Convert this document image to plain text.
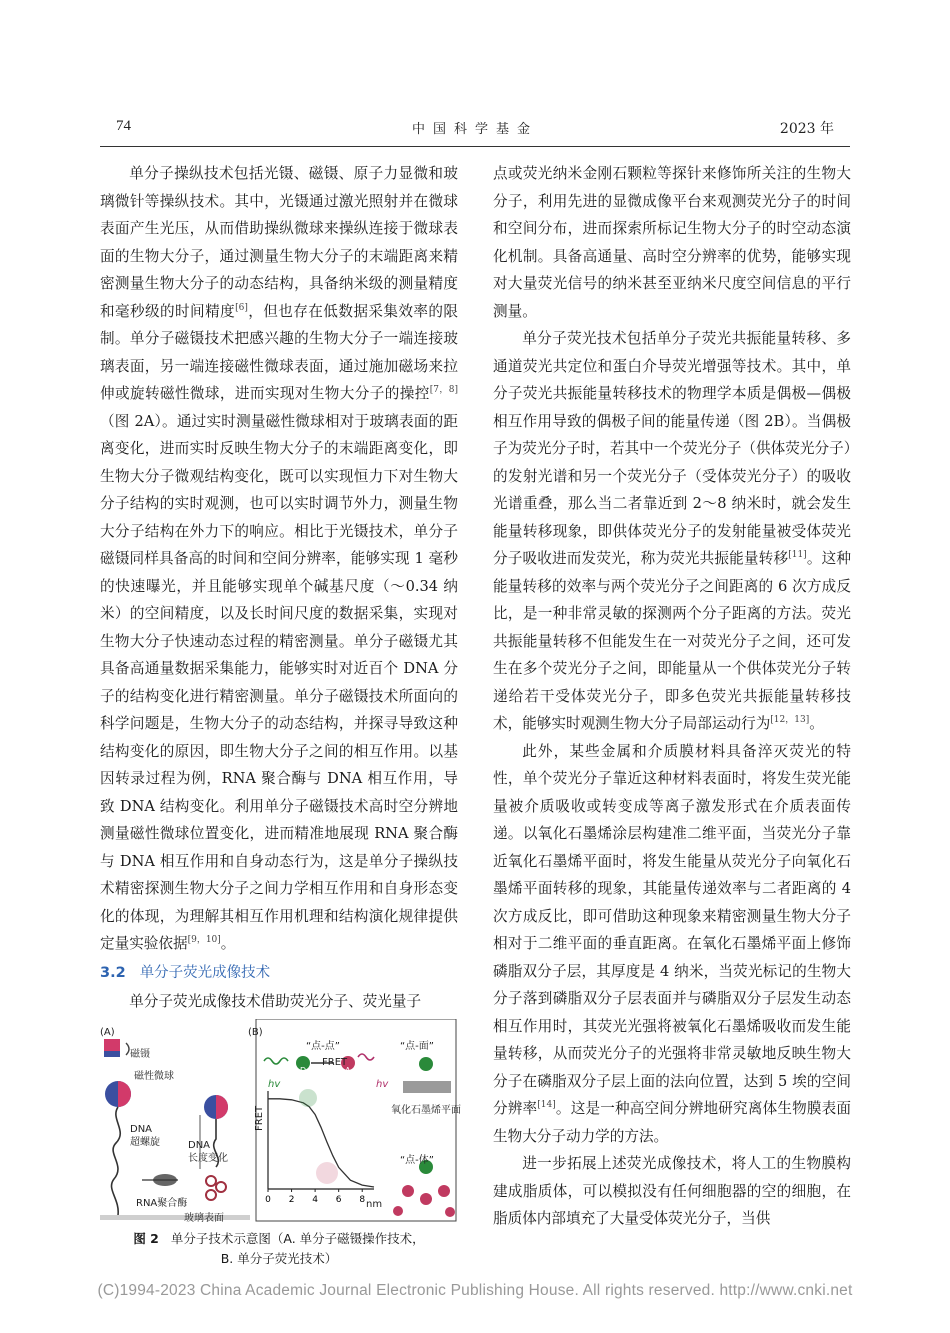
74	中国科学基金	2023 年

单分子操纵技术包括光镊、磁镊、原子力显微和玻璃微针等操纵技术。其中，光镊通过激光照射并在微球表面产生光压，从而借助操纵微球来操纵连接于微球表面的生物大分子，通过测量生物大分子的末端距离来精密测量生物大分子的动态结构，具备纳米级的测量精度和毫秒级的时间精度[6]，但也存在低数据采集效率的限制。单分子磁镊技术把感兴趣的生物大分子一端连接玻璃表面，另一端连接磁性微球表面，通过施加磁场来拉伸或旋转磁性微球，进而实现对生物大分子的操控[7，8]（图 2A）。通过实时测量磁性微球相对于玻璃表面的距离变化，进而实时反映生物大分子的末端距离变化，即生物大分子微观结构变化，既可以实现恒力下对生物大分子结构的实时观测，也可以实时调节外力，测量生物大分子结构在外力下的响应。相比于光镊技术，单分子磁镊同样具备高的时间和空间分辨率，能够实现 1 毫秒的快速曝光，并且能够实现单个碱基尺度（～0.34 纳米）的空间精度，以及长时间尺度的数据采集，实现对生物大分子快速动态过程的精密测量。单分子磁镊尤其具备高通量数据采集能力，能够实时对近百个 DNA 分子的结构变化进行精密测量。单分子磁镊技术所面向的科学问题是，生物大分子的动态结构，并探寻导致这种结构变化的原因，即生物大分子之间的相互作用。以基因转录过程为例，RNA 聚合酶与 DNA 相互作用，导致 DNA 结构变化。利用单分子磁镊技术高时空分辨地测量磁性微球位置变化，进而精准地展现 RNA 聚合酶与 DNA 相互作用和自身动态行为，这是单分子操纵技术精密探测生物大分子之间力学相互作用和自身形态变化的体现，为理解其相互作用机理和结构演化规律提供定量实验依据[9，10]。

3.2 单分子荧光成像技术

单分子荧光成像技术借助荧光分子、荧光量子

(A)
磁镊
磁性微球
DNA
超螺旋	DNA
长度变化
RNA聚合酶
玻璃表面
0 2 4 6 8
(B)
“点-点”
FRET
hv
D	A
hv
“点-面”
氧化石墨烯平面
“点-体”
FRET
nm
图 2 单分子技术示意图（A. 单分子磁镊操作技术，
B. 单分子荧光技术）

点或荧光纳米金刚石颗粒等探针来修饰所关注的生物大分子，利用先进的显微成像平台来观测荧光分子的时间和空间分布，进而探索所标记生物大分子的时空动态演化机制。具备高通量、高时空分辨率的优势，能够实现对大量荧光信号的纳米甚至亚纳米尺度空间信息的平行测量。

单分子荧光技术包括单分子荧光共振能量转移、多通道荧光共定位和蛋白介导荧光增强等技术。其中，单分子荧光共振能量转移技术的物理学本质是偶极—偶极相互作用导致的偶极子间的能量传递（图 2B）。当偶极子为荧光分子时，若其中一个荧光分子（供体荧光分子）的发射光谱和另一个荧光分子（受体荧光分子）的吸收光谱重叠，那么当二者靠近到 2～8 纳米时，就会发生能量转移现象，即供体荧光分子的发射能量被受体荧光分子吸收进而发荧光，称为荧光共振能量转移[11]。这种能量转移的效率与两个荧光分子之间距离的 6 次方成反比，是一种非常灵敏的探测两个分子距离的方法。荧光共振能量转移不但能发生在一对荧光分子之间，还可发生在多个荧光分子之间，即能量从一个供体荧光分子转递给若干受体荧光分子，即多色荧光共振能量转移技术，能够实时观测生物大分子局部运动行为[12，13]。

此外，某些金属和介质膜材料具备淬灭荧光的特性，单个荧光分子靠近这种材料表面时，将发生荧光能量被介质吸收或转变成等离子激发形式在介质表面传递。以氧化石墨烯涂层构建准二维平面，当荧光分子靠近氧化石墨烯平面时，将发生能量从荧光分子向氧化石墨烯平面转移的现象，其能量传递效率与二者距离的 4 次方成反比，即可借助这种现象来精密测量生物大分子相对于二维平面的垂直距离。在氧化石墨烯平面上修饰磷脂双分子层，其厚度是 4 纳米，当荧光标记的生物大分子落到磷脂双分子层表面并与磷脂双分子层发生动态相互作用时，其荧光光强将被氧化石墨烯吸收而发生能量转移，从而荧光分子的光强将非常灵敏地反映生物大分子在磷脂双分子层上面的法向位置，达到 5 埃的空间分辨率[14]。这是一种高空间分辨地研究离体生物膜表面生物大分子动力学的方法。

进一步拓展上述荧光成像技术，将人工的生物膜构建成脂质体，可以模拟没有任何细胞器的空的细胞，在脂质体内部填充了大量受体荧光分子，当供

(C)1994-2023 China Academic Journal Electronic Publishing House. All rights reserved. http://www.cnki.net
